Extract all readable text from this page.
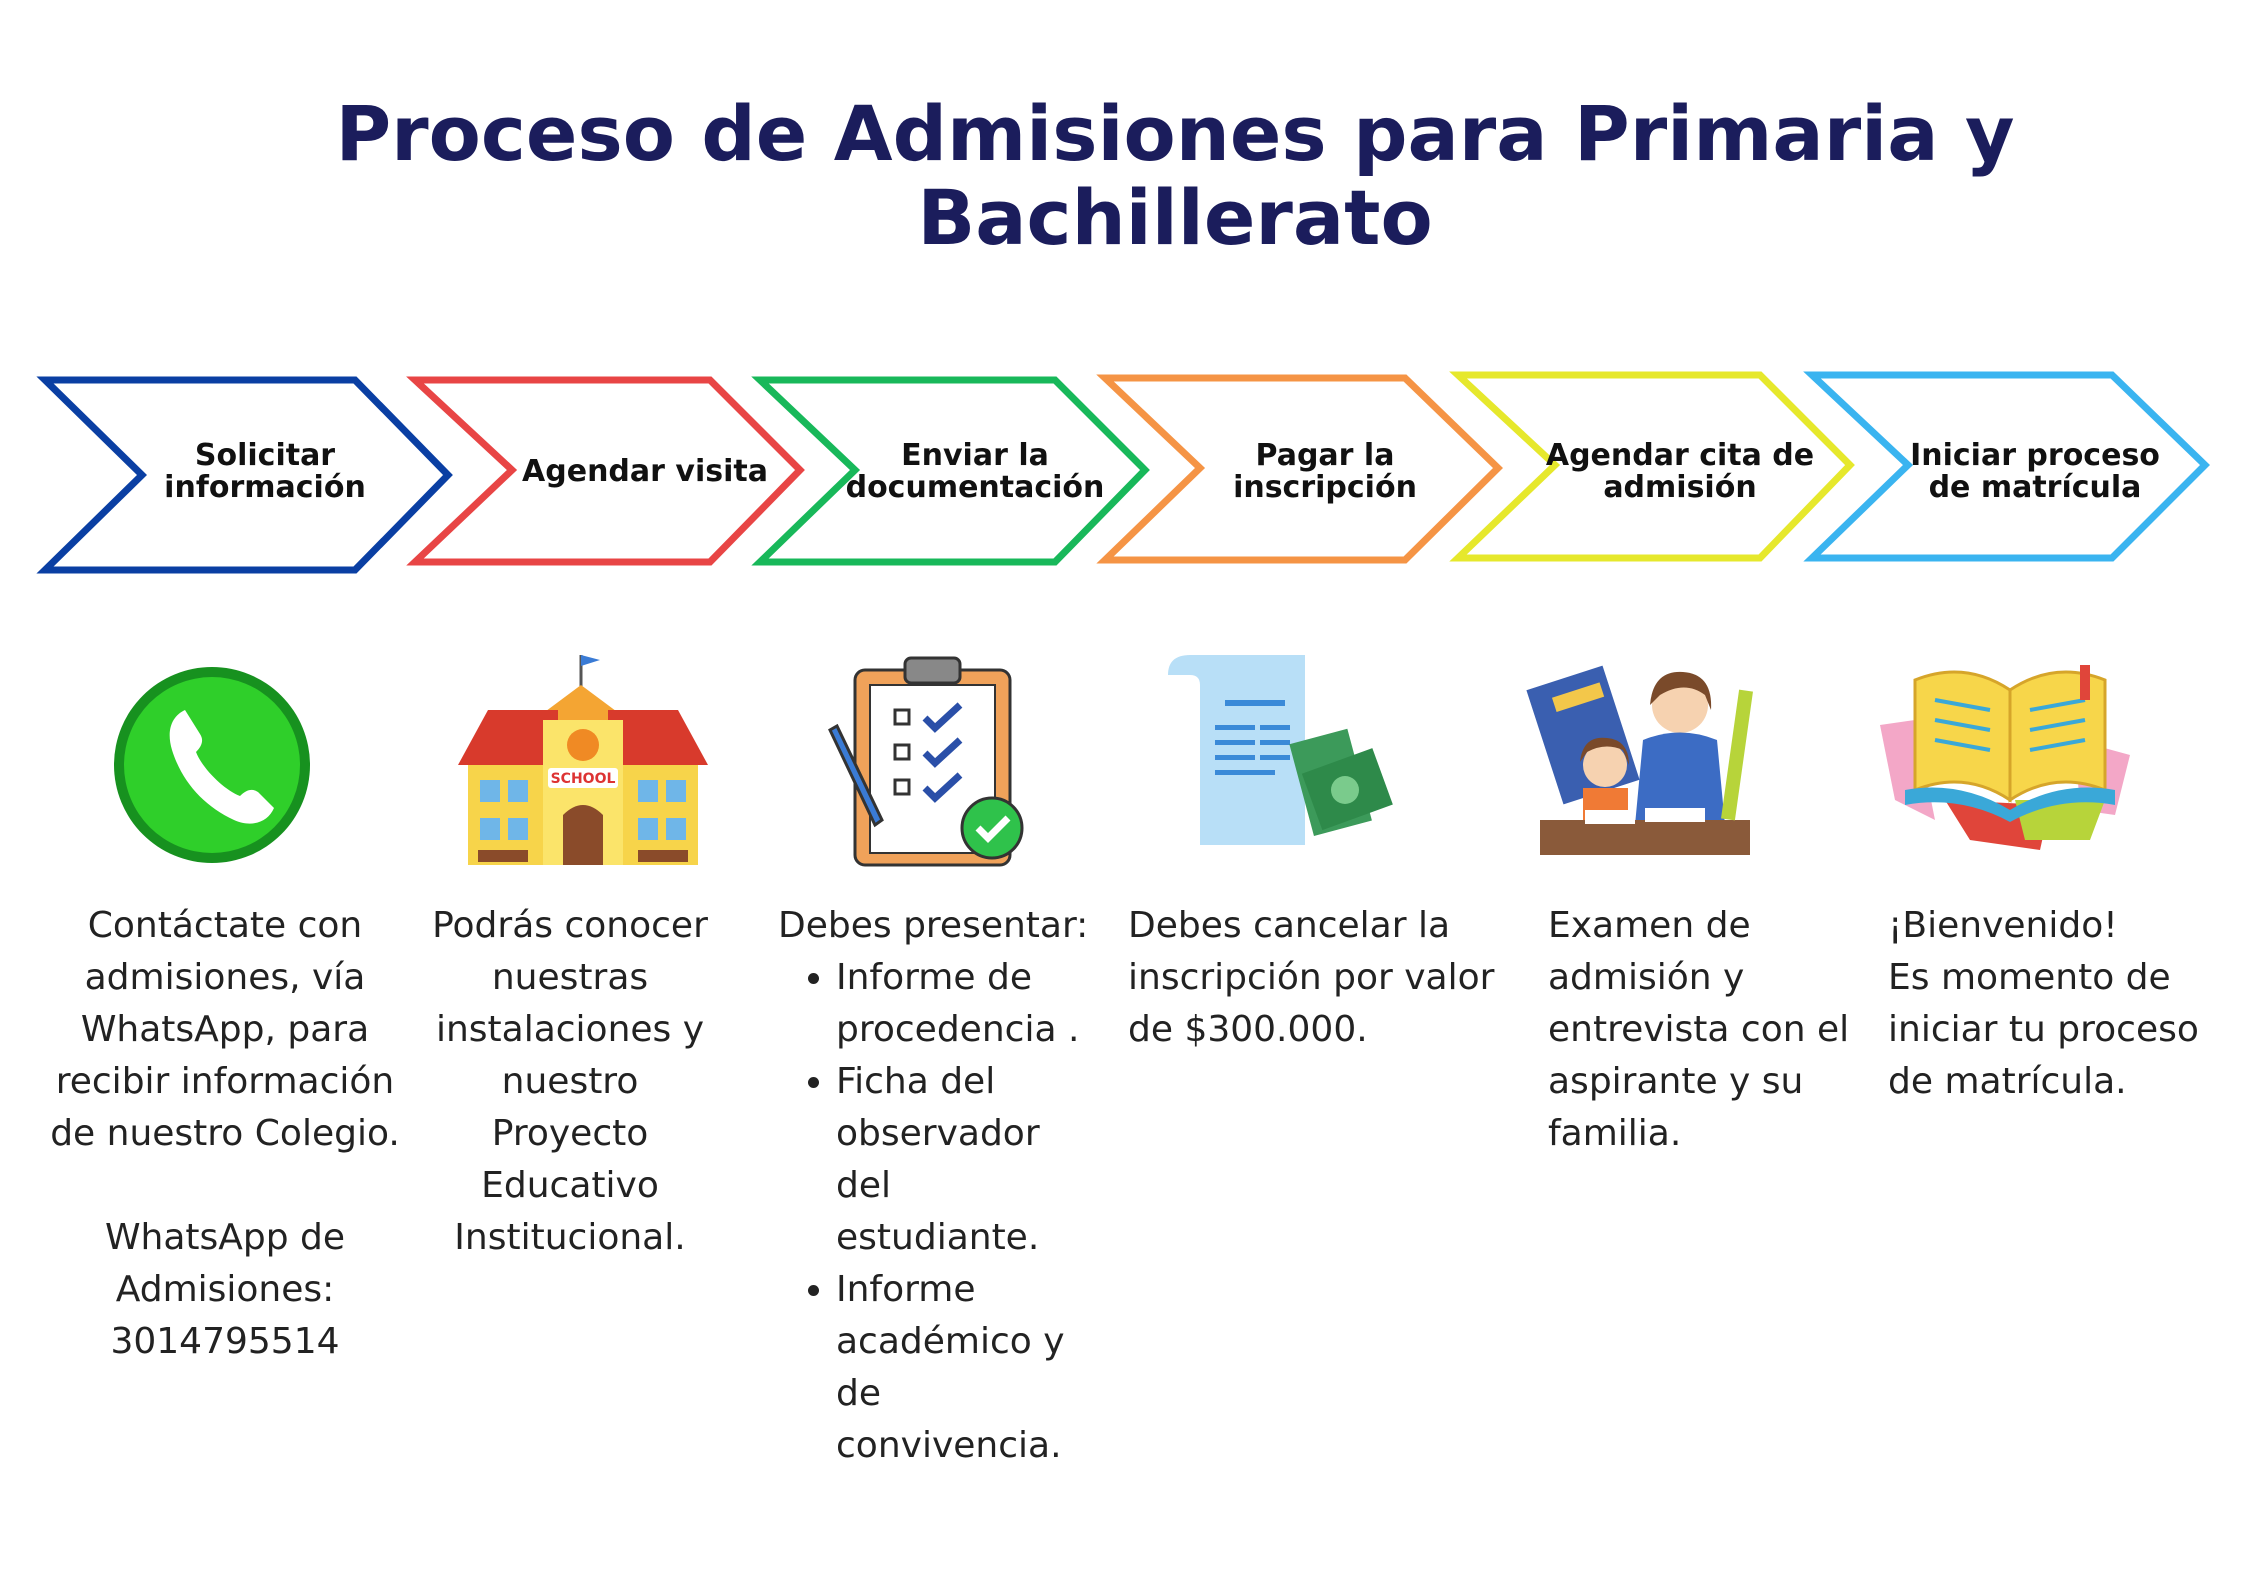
Proceso de Admisiones para Primaria y Bachillerato
Solicitar información	Agendar visita	Enviar la documentación
Pagar la inscripción
Agendar cita de admisión
Iniciar proceso de matrícula
SCHOOL

Contáctate con

admisiones, vía

WhatsApp, para

recibir información

de nuestro Colegio.

WhatsApp de

Admisiones:

3014795514

Podrás conocer

nuestras

instalaciones y

nuestro

Proyecto

Educativo

Institucional.

Debes presentar:

• Informe de procedencia .
• Ficha del observador del estudiante.
• Informe académico y de convivencia.

Debes cancelar la

inscripción por valor

de $300.000.

Examen de

admisión y

entrevista con el

aspirante y su

familia.

¡Bienvenido!

Es momento de

iniciar tu proceso

de matrícula.
